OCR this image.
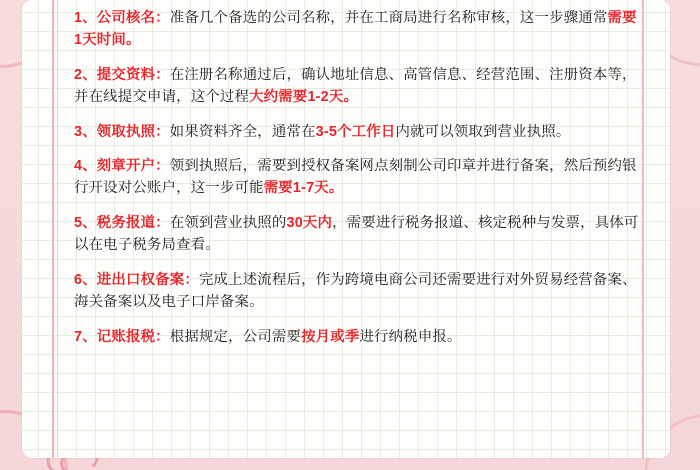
1、公司核名：准备几个备选的公司名称，并在工商局进行名称审核，这一步骤通常需要1天时间。
2、提交资料：在注册名称通过后，确认地址信息、高管信息、经营范围、注册资本等，并在线提交申请，这个过程大约需要1-2天。
3、领取执照：如果资料齐全，通常在3-5个工作日内就可以领取到营业执照。
4、刻章开户：领到执照后，需要到授权备案网点刻制公司印章并进行备案，然后预约银行开设对公账户，这一步可能需要1-7天。
5、税务报道：在领到营业执照的30天内，需要进行税务报道、核定税种与发票，具体可以在电子税务局查看。
6、进出口权备案：完成上述流程后，作为跨境电商公司还需要进行对外贸易经营备案、海关备案以及电子口岸备案。
7、记账报税：根据规定，公司需要按月或季进行纳税申报。
